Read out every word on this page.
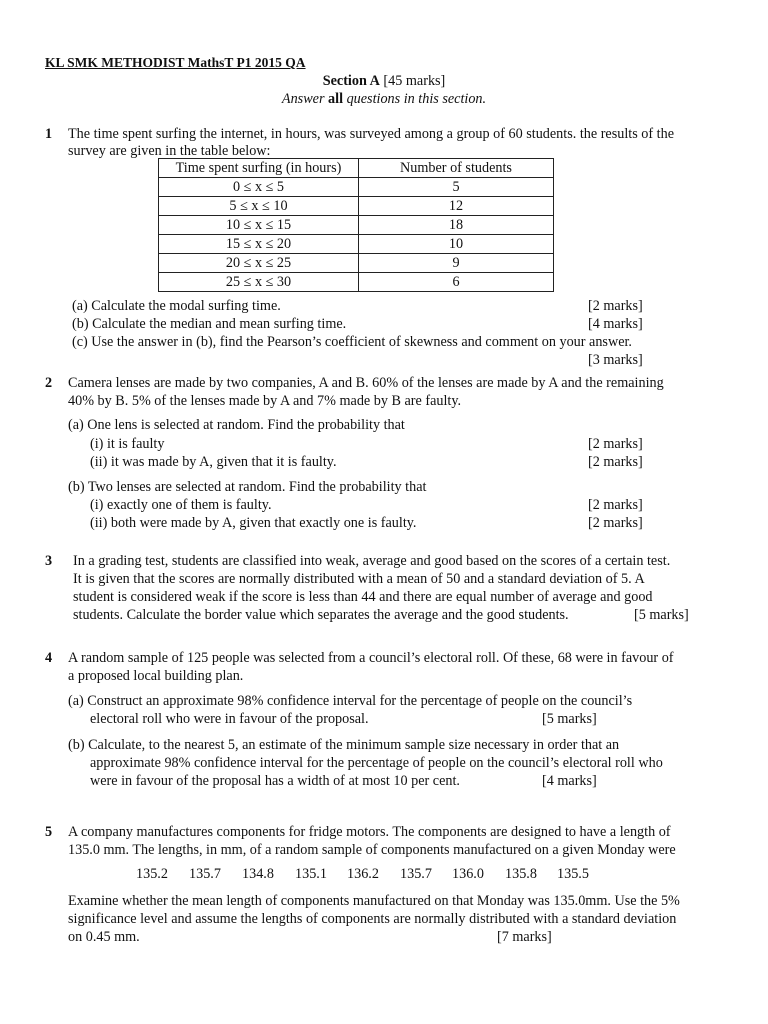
KL SMK METHODIST MathsT P1 2015 QA
Section A [45 marks]
Answer all questions in this section.
1 The time spent surfing the internet, in hours, was surveyed among a group of 60 students. the results of the
survey are given in the table below:
Time spent surfing (in hours)	Number of students
0 ≤ x ≤ 5	5
5 ≤ x ≤ 10	12
10 ≤ x ≤ 15	18
15 ≤ x ≤ 20	10
20 ≤ x ≤ 25	9
25 ≤ x ≤ 30	6
(a) Calculate the modal surfing time.	[2 marks]
(b) Calculate the median and mean surfing time.	[4 marks]
(c) Use the answer in (b), find the Pearson’s coefficient of skewness and comment on your answer.
[3 marks]
2 Camera lenses are made by two companies, A and B. 60% of the lenses are made by A and the remaining
40% by B. 5% of the lenses made by A and 7% made by B are faulty.
(a) One lens is selected at random. Find the probability that
(i) it is faulty	[2 marks]
(ii) it was made by A, given that it is faulty.	[2 marks]
(b) Two lenses are selected at random. Find the probability that
(i) exactly one of them is faulty.	[2 marks]
(ii) both were made by A, given that exactly one is faulty.	[2 marks]
3 In a grading test, students are classified into weak, average and good based on the scores of a certain test.
It is given that the scores are normally distributed with a mean of 50 and a standard deviation of 5. A
student is considered weak if the score is less than 44 and there are equal number of average and good
students. Calculate the border value which separates the average and the good students.	[5 marks]
4 A random sample of 125 people was selected from a council’s electoral roll. Of these, 68 were in favour of
a proposed local building plan.
(a) Construct an approximate 98% confidence interval for the percentage of people on the council’s
electoral roll who were in favour of the proposal.	[5 marks]
(b) Calculate, to the nearest 5, an estimate of the minimum sample size necessary in order that an
approximate 98% confidence interval for the percentage of people on the council’s electoral roll who
were in favour of the proposal has a width of at most 10 per cent.	[4 marks]
5 A company manufactures components for fridge motors. The components are designed to have a length of
135.0 mm. The lengths, in mm, of a random sample of components manufactured on a given Monday were
135.2 135.7 134.8 135.1 136.2 135.7 136.0 135.8 135.5
Examine whether the mean length of components manufactured on that Monday was 135.0mm. Use the 5%
significance level and assume the lengths of components are normally distributed with a standard deviation
on 0.45 mm.	[7 marks]
